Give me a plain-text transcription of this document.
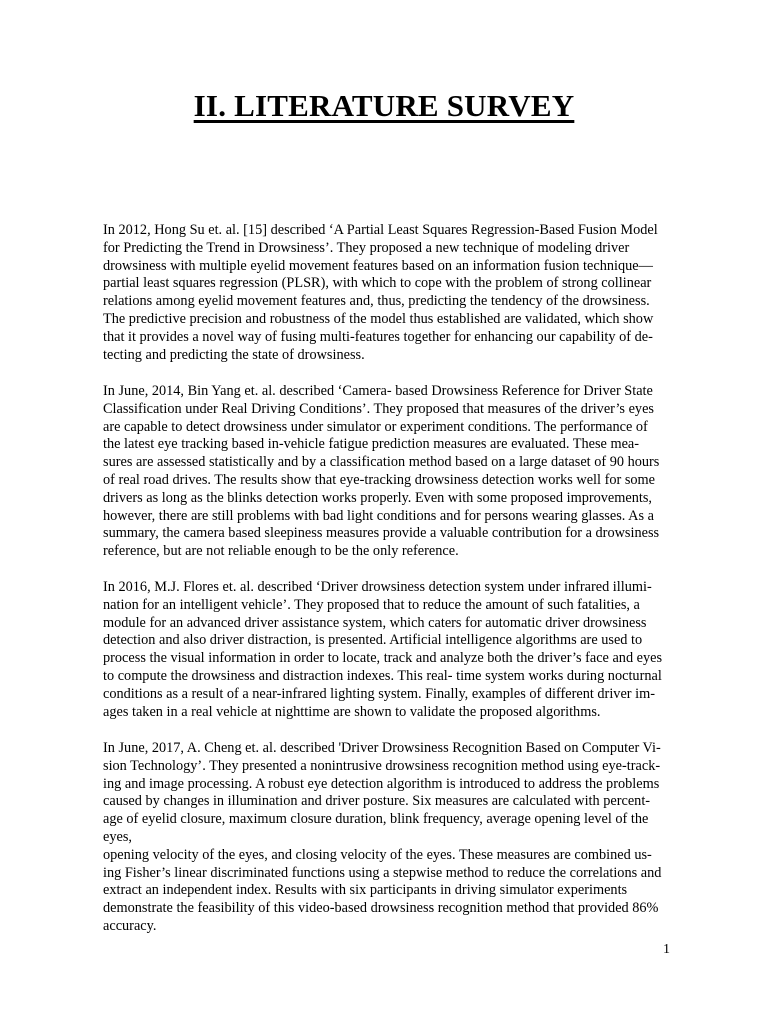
II. LITERATURE SURVEY

In 2012, Hong Su et. al. [15] described ‘A Partial Least Squares Regression-Based Fusion Model
for Predicting the Trend in Drowsiness’. They proposed a new technique of modeling driver
drowsiness with multiple eyelid movement features based on an information fusion technique—
partial least squares regression (PLSR), with which to cope with the problem of strong collinear
relations among eyelid movement features and, thus, predicting the tendency of the drowsiness.
The predictive precision and robustness of the model thus established are validated, which show
that it provides a novel way of fusing multi-features together for enhancing our capability of de-
tecting and predicting the state of drowsiness.

In June, 2014, Bin Yang et. al. described ‘Camera- based Drowsiness Reference for Driver State
Classification under Real Driving Conditions’. They proposed that measures of the driver’s eyes
are capable to detect drowsiness under simulator or experiment conditions. The performance of
the latest eye tracking based in-vehicle fatigue prediction measures are evaluated. These mea-
sures are assessed statistically and by a classification method based on a large dataset of 90 hours
of real road drives. The results show that eye-tracking drowsiness detection works well for some
drivers as long as the blinks detection works properly. Even with some proposed improvements,
however, there are still problems with bad light conditions and for persons wearing glasses. As a
summary, the camera based sleepiness measures provide a valuable contribution for a drowsiness
reference, but are not reliable enough to be the only reference.

In 2016, M.J. Flores et. al. described ‘Driver drowsiness detection system under infrared illumi-
nation for an intelligent vehicle’. They proposed that to reduce the amount of such fatalities, a
module for an advanced driver assistance system, which caters for automatic driver drowsiness
detection and also driver distraction, is presented. Artificial intelligence algorithms are used to
process the visual information in order to locate, track and analyze both the driver’s face and eyes
to compute the drowsiness and distraction indexes. This real- time system works during nocturnal
conditions as a result of a near-infrared lighting system. Finally, examples of different driver im-
ages taken in a real vehicle at nighttime are shown to validate the proposed algorithms.

In June, 2017, A. Cheng et. al. described 'Driver Drowsiness Recognition Based on Computer Vi-
sion Technology’. They presented a nonintrusive drowsiness recognition method using eye-track-
ing and image processing. A robust eye detection algorithm is introduced to address the problems
caused by changes in illumination and driver posture. Six measures are calculated with percent-
age of eyelid closure, maximum closure duration, blink frequency, average opening level of the
eyes,
opening velocity of the eyes, and closing velocity of the eyes. These measures are combined us-
ing Fisher’s linear discriminated functions using a stepwise method to reduce the correlations and
extract an independent index. Results with six participants in driving simulator experiments
demonstrate the feasibility of this video-based drowsiness recognition method that provided 86%
accuracy.

1
